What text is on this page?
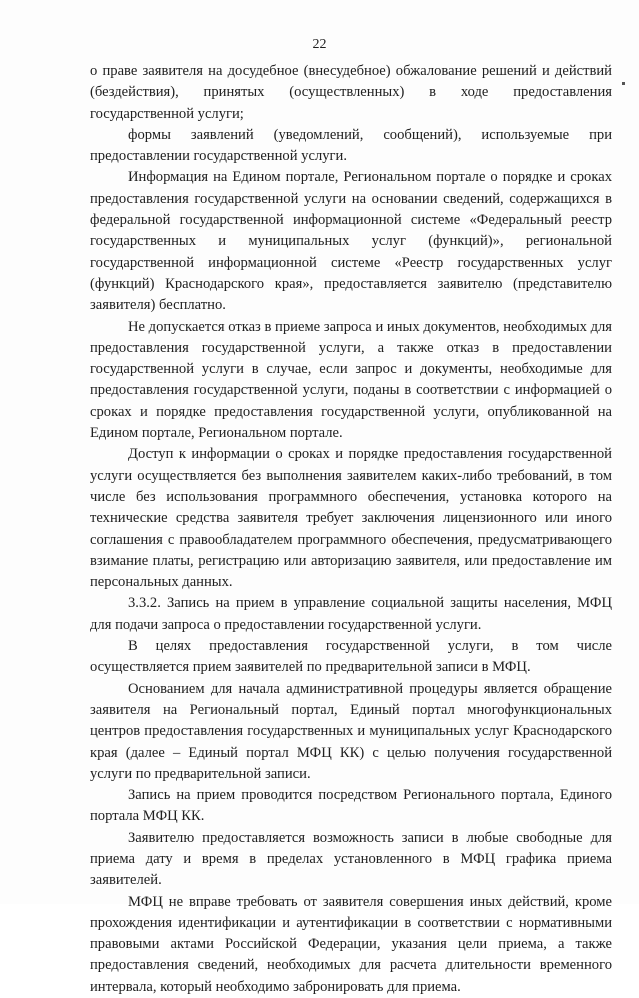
22

о праве заявителя на досудебное (внесудебное) обжалование решений и действий (бездействия), принятых (осуществленных) в ходе предоставления государственной услуги;

формы заявлений (уведомлений, сообщений), используемые при предоставлении государственной услуги.

Информация на Едином портале, Региональном портале о порядке и сроках предоставления государственной услуги на основании сведений, содержащихся в федеральной государственной информационной системе «Федеральный реестр государственных и муниципальных услуг (функций)», региональной государственной информационной системе «Реестр государственных услуг (функций) Краснодарского края», предоставляется заявителю (представителю заявителя) бесплатно.

Не допускается отказ в приеме запроса и иных документов, необходимых для предоставления государственной услуги, а также отказ в предоставлении государственной услуги в случае, если запрос и документы, необходимые для предоставления государственной услуги, поданы в соответствии с информацией о сроках и порядке предоставления государственной услуги, опубликованной на Едином портале, Региональном портале.

Доступ к информации о сроках и порядке предоставления государственной услуги осуществляется без выполнения заявителем каких-либо требований, в том числе без использования программного обеспечения, установка которого на технические средства заявителя требует заключения лицензионного или иного соглашения с правообладателем программного обеспечения, предусматривающего взимание платы, регистрацию или авторизацию заявителя, или предоставление им персональных данных.

3.3.2. Запись на прием в управление социальной защиты населения, МФЦ для подачи запроса о предоставлении государственной услуги.

В целях предоставления государственной услуги, в том числе осуществляется прием заявителей по предварительной записи в МФЦ.

Основанием для начала административной процедуры является обращение заявителя на Региональный портал, Единый портал многофункциональных центров предоставления государственных и муниципальных услуг Краснодарского края (далее – Единый портал МФЦ КК) с целью получения государственной услуги по предварительной записи.

Запись на прием проводится посредством Регионального портала, Единого портала МФЦ КК.

Заявителю предоставляется возможность записи в любые свободные для приема дату и время в пределах установленного в МФЦ графика приема заявителей.

МФЦ не вправе требовать от заявителя совершения иных действий, кроме прохождения идентификации и аутентификации в соответствии с нормативными правовыми актами Российской Федерации, указания цели приема, а также предоставления сведений, необходимых для расчета длительности временного интервала, который необходимо забронировать для приема.
